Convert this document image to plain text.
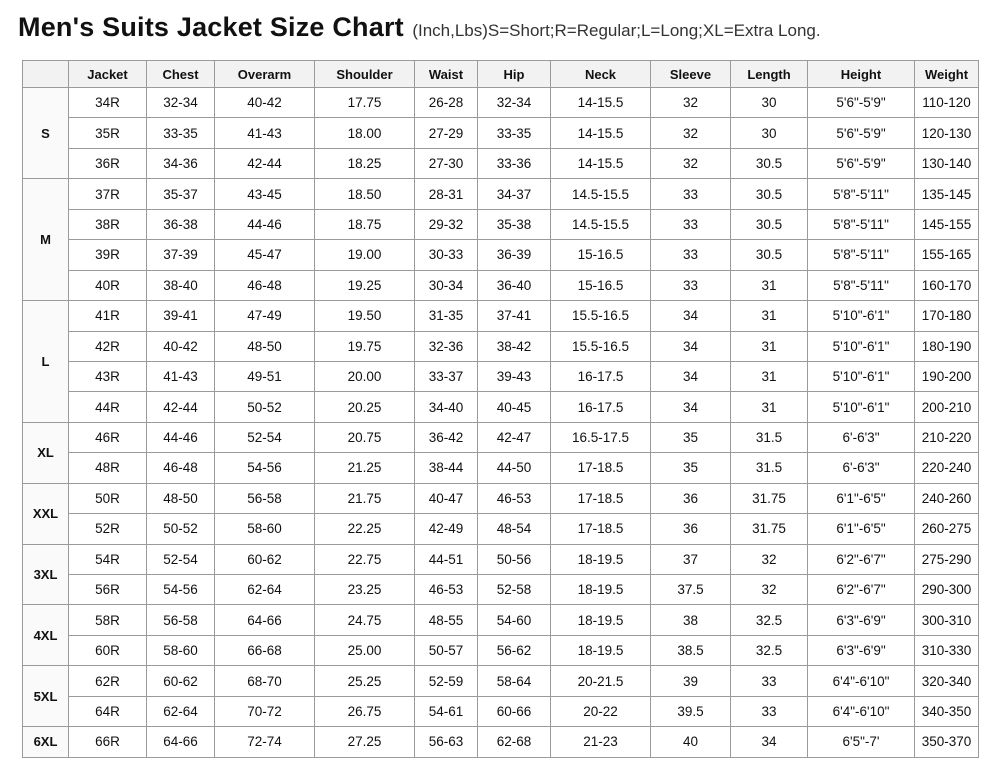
Men's Suits Jacket Size Chart (Inch,Lbs)S=Short;R=Regular;L=Long;XL=Extra Long.
	Jacket	Chest	Overarm	Shoulder	Waist	Hip	Neck	Sleeve	Length	Height	Weight
S	34R	32-34	40-42	17.75	26-28	32-34	14-15.5	32	30	5'6"-5'9"	110-120
	35R	33-35	41-43	18.00	27-29	33-35	14-15.5	32	30	5'6"-5'9"	120-130
	36R	34-36	42-44	18.25	27-30	33-36	14-15.5	32	30.5	5'6"-5'9"	130-140
M	37R	35-37	43-45	18.50	28-31	34-37	14.5-15.5	33	30.5	5'8"-5'11"	135-145
	38R	36-38	44-46	18.75	29-32	35-38	14.5-15.5	33	30.5	5'8"-5'11"	145-155
	39R	37-39	45-47	19.00	30-33	36-39	15-16.5	33	30.5	5'8"-5'11"	155-165
	40R	38-40	46-48	19.25	30-34	36-40	15-16.5	33	31	5'8"-5'11"	160-170
L	41R	39-41	47-49	19.50	31-35	37-41	15.5-16.5	34	31	5'10"-6'1"	170-180
	42R	40-42	48-50	19.75	32-36	38-42	15.5-16.5	34	31	5'10"-6'1"	180-190
	43R	41-43	49-51	20.00	33-37	39-43	16-17.5	34	31	5'10"-6'1"	190-200
	44R	42-44	50-52	20.25	34-40	40-45	16-17.5	34	31	5'10"-6'1"	200-210
XL	46R	44-46	52-54	20.75	36-42	42-47	16.5-17.5	35	31.5	6'-6'3"	210-220
	48R	46-48	54-56	21.25	38-44	44-50	17-18.5	35	31.5	6'-6'3"	220-240
XXL	50R	48-50	56-58	21.75	40-47	46-53	17-18.5	36	31.75	6'1"-6'5"	240-260
	52R	50-52	58-60	22.25	42-49	48-54	17-18.5	36	31.75	6'1"-6'5"	260-275
3XL	54R	52-54	60-62	22.75	44-51	50-56	18-19.5	37	32	6'2"-6'7"	275-290
	56R	54-56	62-64	23.25	46-53	52-58	18-19.5	37.5	32	6'2"-6'7"	290-300
4XL	58R	56-58	64-66	24.75	48-55	54-60	18-19.5	38	32.5	6'3"-6'9"	300-310
	60R	58-60	66-68	25.00	50-57	56-62	18-19.5	38.5	32.5	6'3"-6'9"	310-330
5XL	62R	60-62	68-70	25.25	52-59	58-64	20-21.5	39	33	6'4"-6'10"	320-340
	64R	62-64	70-72	26.75	54-61	60-66	20-22	39.5	33	6'4"-6'10"	340-350
6XL	66R	64-66	72-74	27.25	56-63	62-68	21-23	40	34	6'5"-7'	350-370
